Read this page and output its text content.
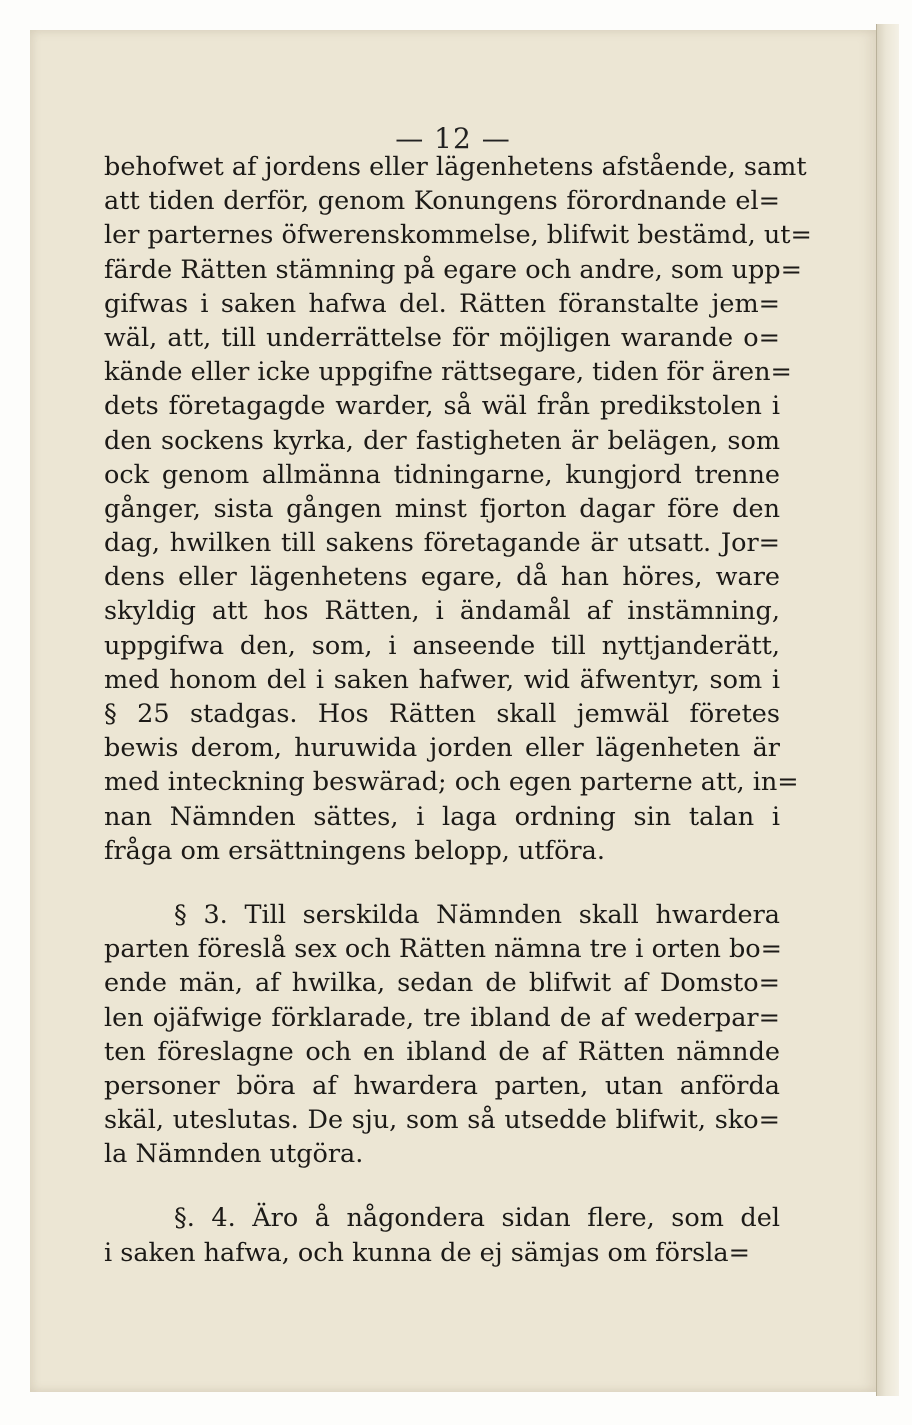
— 12 —
behofwet af jordens eller lägenhetens afstående, samt
att tiden derför, genom Konungens förordnande el=
ler parternes öfwerenskommelse, blifwit bestämd, ut=
färde Rätten stämning på egare och andre, som upp=
gifwas i saken hafwa del. Rätten föranstalte jem=
wäl, att, till underrättelse för möjligen warande o=
kände eller icke uppgifne rättsegare, tiden för ären=
dets företagagde warder, så wäl från predikstolen i
den sockens kyrka, der fastigheten är belägen, som
ock genom allmänna tidningarne, kungjord trenne
gånger, sista gången minst fjorton dagar före den
dag, hwilken till sakens företagande är utsatt. Jor=
dens eller lägenhetens egare, då han höres, ware
skyldig att hos Rätten, i ändamål af instämning,
uppgifwa den, som, i anseende till nyttjanderätt,
med honom del i saken hafwer, wid äfwentyr, som i
§ 25 stadgas. Hos Rätten skall jemwäl företes
bewis derom, huruwida jorden eller lägenheten är
med inteckning beswärad; och egen parterne att, in=
nan Nämnden sättes, i laga ordning sin talan i
fråga om ersättningens belopp, utföra.
§ 3. Till serskilda Nämnden skall hwardera
parten föreslå sex och Rätten nämna tre i orten bo=
ende män, af hwilka, sedan de blifwit af Domsto=
len ojäfwige förklarade, tre ibland de af wederpar=
ten föreslagne och en ibland de af Rätten nämnde
personer böra af hwardera parten, utan anförda
skäl, uteslutas. De sju, som så utsedde blifwit, sko=
la Nämnden utgöra.
§. 4. Äro å någondera sidan flere, som del
i saken hafwa, och kunna de ej sämjas om försla=
